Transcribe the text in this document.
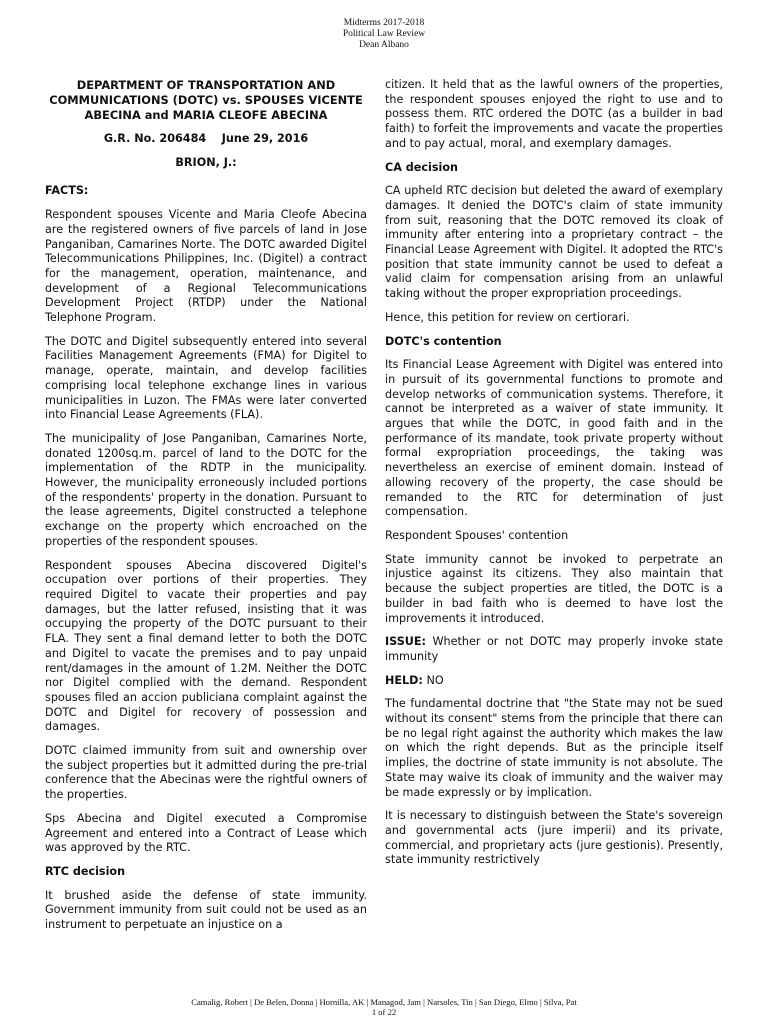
Midterms 2017-2018
Political Law Review
Dean Albano
DEPARTMENT OF TRANSPORTATION AND COMMUNICATIONS (DOTC) vs. SPOUSES VICENTE ABECINA and MARIA CLEOFE ABECINA
G.R. No. 206484    June 29, 2016
BRION, J.:
FACTS:

Respondent spouses Vicente and Maria Cleofe Abecina are the registered owners of five parcels of land in Jose Panganiban, Camarines Norte. The DOTC awarded Digitel Telecommunications Philippines, Inc. (Digitel) a contract for the management, operation, maintenance, and development of a Regional Telecommunications Development Project (RTDP) under the National Telephone Program.

The DOTC and Digitel subsequently entered into several Facilities Management Agreements (FMA) for Digitel to manage, operate, maintain, and develop facilities comprising local telephone exchange lines in various municipalities in Luzon. The FMAs were later converted into Financial Lease Agreements (FLA).

The municipality of Jose Panganiban, Camarines Norte, donated 1200sq.m. parcel of land to the DOTC for the implementation of the RDTP in the municipality. However, the municipality erroneously included portions of the respondents' property in the donation. Pursuant to the lease agreements, Digitel constructed a telephone exchange on the property which encroached on the properties of the respondent spouses.

Respondent spouses Abecina discovered Digitel's occupation over portions of their properties. They required Digitel to vacate their properties and pay damages, but the latter refused, insisting that it was occupying the property of the DOTC pursuant to their FLA. They sent a final demand letter to both the DOTC and Digitel to vacate the premises and to pay unpaid rent/damages in the amount of 1.2M. Neither the DOTC nor Digitel complied with the demand. Respondent spouses filed an accion publiciana complaint against the DOTC and Digitel for recovery of possession and damages.

DOTC claimed immunity from suit and ownership over the subject properties but it admitted during the pre-trial conference that the Abecinas were the rightful owners of the properties.

Sps Abecina and Digitel executed a Compromise Agreement and entered into a Contract of Lease which was approved by the RTC.

RTC decision

It brushed aside the defense of state immunity. Government immunity from suit could not be used as an instrument to perpetuate an injustice on a

citizen. It held that as the lawful owners of the properties, the respondent spouses enjoyed the right to use and to possess them. RTC ordered the DOTC (as a builder in bad faith) to forfeit the improvements and vacate the properties and to pay actual, moral, and exemplary damages.

CA decision

CA upheld RTC decision but deleted the award of exemplary damages. It denied the DOTC's claim of state immunity from suit, reasoning that the DOTC removed its cloak of immunity after entering into a proprietary contract – the Financial Lease Agreement with Digitel. It adopted the RTC's position that state immunity cannot be used to defeat a valid claim for compensation arising from an unlawful taking without the proper expropriation proceedings.

Hence, this petition for review on certiorari.

DOTC's contention

Its Financial Lease Agreement with Digitel was entered into in pursuit of its governmental functions to promote and develop networks of communication systems. Therefore, it cannot be interpreted as a waiver of state immunity. It argues that while the DOTC, in good faith and in the performance of its mandate, took private property without formal expropriation proceedings, the taking was nevertheless an exercise of eminent domain. Instead of allowing recovery of the property, the case should be remanded to the RTC for determination of just compensation.

Respondent Spouses' contention

State immunity cannot be invoked to perpetrate an injustice against its citizens. They also maintain that because the subject properties are titled, the DOTC is a builder in bad faith who is deemed to have lost the improvements it introduced.

ISSUE: Whether or not DOTC may properly invoke state immunity

HELD: NO

The fundamental doctrine that "the State may not be sued without its consent" stems from the principle that there can be no legal right against the authority which makes the law on which the right depends. But as the principle itself implies, the doctrine of state immunity is not absolute. The State may waive its cloak of immunity and the waiver may be made expressly or by implication.

It is necessary to distinguish between the State's sovereign and governmental acts (jure imperii) and its private, commercial, and proprietary acts (jure gestionis). Presently, state immunity restrictively

Camalig, Robert | De Belen, Donna | Hornilla, AK | Managod, Jam | Narsoles, Tin | San Diego, Elmo | Silva, Pat
1 of 22
